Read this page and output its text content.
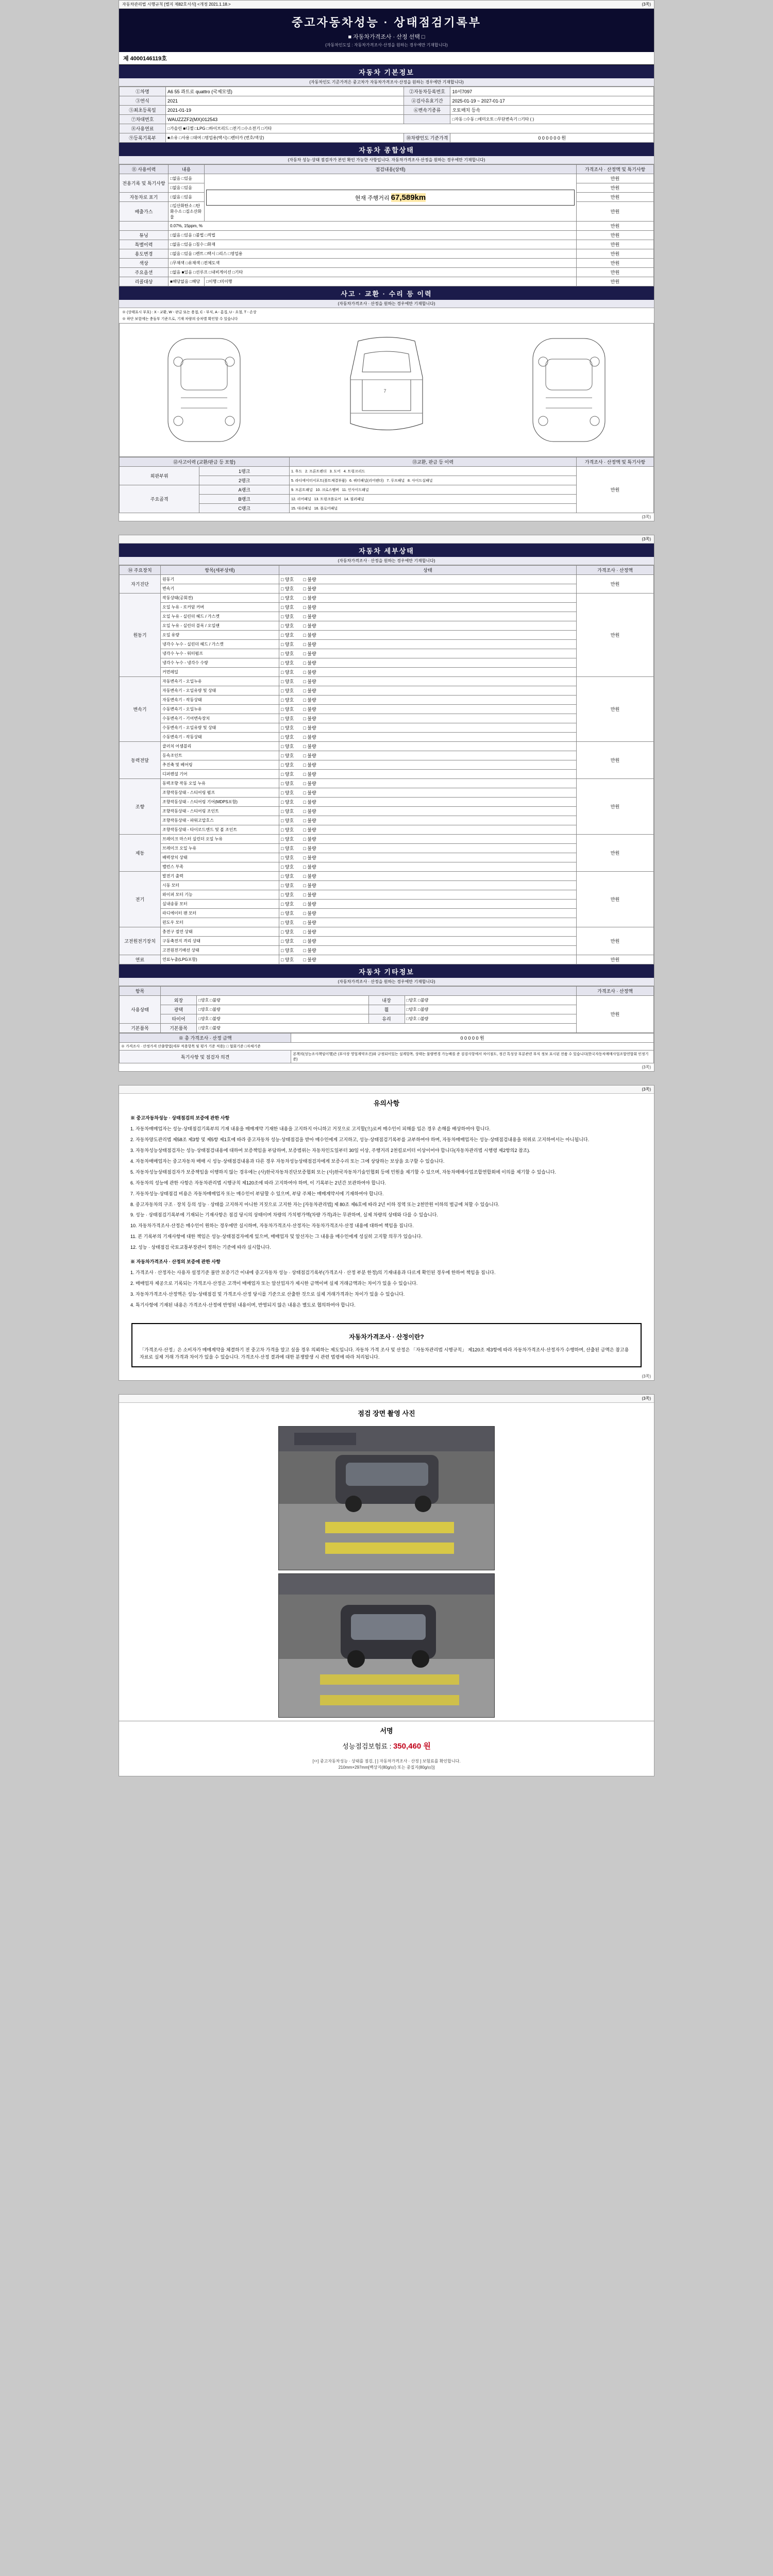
자동차관리법 시행규칙 [별지 제82호서식] <개정 2021.1.18.>	(3쪽)
중고자동차성능 · 상태점검기록부
■ 자동차가격조사 · 산정 선택 □
(자동차인도일 : 자동차가격조사·산정을 원하는 경우에만 기재합니다)
제 4000146119호
자동차 기본정보
(자동차인도 기준가격은 중고차가 자동차가격조사·산정을 원하는 경우에만 기재합니다)
①차명	A6 55 콰트로 quattro (국제모델)	②자동차등록번호	10서7097
③연식	2021	④검사유효기간	2025-01-19 ~ 2027-01-17
⑤최초등록일	2021-01-19	⑥변속기종류	오토매치 등속
⑦차대번호	WAUZZZF2(MX)012543		□자동 □수동 □세미오토 □무단변속기 □기타 ( )
⑧사용연료	□가솔린 ■디젤 □LPG □하이브리드 □전기 □수소전기 □기타		
⑨등록기록부	■소유 □사용 □대여 □영업용(택시) □렌터카 (번호/색상)	⑩차량인도 기준가격	0 0 0 0 0 0 원
자동차 종합상태
(자동차 성능·상태 점검자가 본인 확인 가능한 사항입니다. 자동차가격조사·산정을 원하는 경우에만 기재합니다)
⑪ 사용이력	내용	점검내용(상태)	가격조사 · 산정액 및 특기사항
전용기록 및 특기사항	□없음 □있음	현재 주행거리 67,589km	만원
	□없음 □있음		만원
자동차로 표기	□없음 □있음		만원
배출가스	□일산화탄소 □탄화수소 □질소산화물		만원
	0.07%, 15ppm, %		만원
튜닝	□없음 □있음 □불법 □적법		만원
특별이력	□없음 □있음 □침수 □화재		만원
용도변경	□없음 □있음 □렌트 □택시 □리스 □영업용		만원
색상	□무채색 □유채색 □전체도색		만원
주요옵션	□없음 ■있음 □선루프 □내비게이션 □기타		만원
리콜대상	■해당없음 □해당	□이행 □미이행	만원
사고 · 교환 · 수리 등 이력
(자동차가격조사 · 산정을 원하는 경우에만 기재합니다)
※ (상태표시 부호) : X - 교환, W - 판금 또는 용접, C - 부식, A - 흠집, U - 요철, T - 손상
※ 하단 보험에는 충돌부 기준으로, 기재 차량의 승차별 확인할 수 있습니다
7
⑫사고이력 (교환/판금 등 포함)		⑬교환, 판금 등 이력	가격조사 · 산정액 및 특기사항
외판부위	1랭크	1. 후드 2. 프론트펜더 3. 도어 4. 트렁크리드	만원
	2랭크	5. 라디에이터서포트(볼트체결부품) 6. 쿼터패널(리어펜더) 7. 루프패널 8. 사이드실패널	
주요골격	A랭크	9. 프론트패널 10. 크로스멤버 11. 인사이드패널	
	B랭크	12. 리어패널 13. 트렁크플로어 14. 필러패널	
	C랭크	15. 대쉬패널 16. 플로어패널	
(3쪽)
(3쪽)
자동차 세부상태
(자동차가격조사 · 산정을 원하는 경우에만 기재합니다)
⑭ 주요장치	항목(세부상태)	상태	가격조사 · 산정액
자기진단	원동기	□ 양호 □ 불량	만원
	변속기	□ 양호 □ 불량	
원동기	작동상태(공회전)	□ 양호 □ 불량	만원
	오일 누유 - 로커암 커버	□ 양호 □ 불량	
	오일 누유 - 실린더 헤드 / 가스켓	□ 양호 □ 불량	
	오일 누유 - 실린더 블록 / 오일팬	□ 양호 □ 불량	
	오일 유량	□ 양호 □ 불량	
	냉각수 누수 - 실린더 헤드 / 가스켓	□ 양호 □ 불량	
	냉각수 누수 - 워터펌프	□ 양호 □ 불량	
	냉각수 누수 - 냉각수 수량	□ 양호 □ 불량	
	커먼레일	□ 양호 □ 불량	
변속기	자동변속기 - 오일누유	□ 양호 □ 불량	만원
	자동변속기 - 오일유량 및 상태	□ 양호 □ 불량	
	자동변속기 - 작동상태	□ 양호 □ 불량	
	수동변속기 - 오일누유	□ 양호 □ 불량	
	수동변속기 - 기어변속장치	□ 양호 □ 불량	
	수동변속기 - 오일유량 및 상태	□ 양호 □ 불량	
	수동변속기 - 작동상태	□ 양호 □ 불량	
동력전달	클러치 어셈블리	□ 양호 □ 불량	만원
	등속조인트	□ 양호 □ 불량	
	추진축 및 베어링	□ 양호 □ 불량	
	디퍼렌셜 기어	□ 양호 □ 불량	
조향	동력조향 작동 오일 누유	□ 양호 □ 불량	만원
	조향작동상태 - 스티어링 펌프	□ 양호 □ 불량	
	조향작동상태 - 스티어링 기어(MDPS포함)	□ 양호 □ 불량	
	조향작동상태 - 스티어링 조인트	□ 양호 □ 불량	
	조향작동상태 - 파워고압호스	□ 양호 □ 불량	
	조향작동상태 - 타이로드엔드 및 볼 조인트	□ 양호 □ 불량	
제동	브레이크 마스터 실린더 오일 누유	□ 양호 □ 불량	만원
	브레이크 오일 누유	□ 양호 □ 불량	
	배력장치 상태	□ 양호 □ 불량	
	밸런스 부족	□ 양호 □ 불량	
전기	발전기 출력	□ 양호 □ 불량	만원
	시동 모터	□ 양호 □ 불량	
	와이퍼 모터 기능	□ 양호 □ 불량	
	실내송풍 모터	□ 양호 □ 불량	
	라디에이터 팬 모터	□ 양호 □ 불량	
	윈도우 모터	□ 양호 □ 불량	
고전원전기장치	충전구 절연 상태	□ 양호 □ 불량	만원
	구동축전지 격리 상태	□ 양호 □ 불량	
	고전원전기배선 상태	□ 양호 □ 불량	
연료	연료누출(LPG포함)	□ 양호 □ 불량	만원
자동차 기타정보
(자동차가격조사 · 산정을 원하는 경우에만 기재합니다)
항목					가격조사 · 산정액
사용상태	외장	□양호 □불량	내장	□양호 □불량	만원
	광택	□양호 □불량	휠	□양호 □불량	
	타이어	□양호 □불량	유리	□양호 □불량	
기본품목	기본품목	□양호 □불량			
※ 총 가격조사 · 산정 금액	0 0 0 0 0 원
※ 가격조사 · 산정가격 산출방법(세부 적용항목 및 평가 기준 적용): □ 협회기준 □자체기준	
특기사항 및 점검자 의견	본책의(성능조사책임이행)은 (부사장 영업계약조건)와 규정되어있는 설계항목, 상태는 불량변경 가능배를 준 검검사항에서 차이점도, 정건 특성상 부분관련 부식 정보 표시된 전품 수 있습니다(한국자동차매매사업조합연합회 인정기준)
(3쪽)
(3쪽)
유의사항

※ 중고자동차성능 · 상태점검의 보증에 관한 사항

1. 자동차매매업자는 성능·상태점검기록부의 기재 내용을 매매계약 기재한 내용을 고지하지 아니하고 거짓으로 고지할(으)로써 매수인이 피해를 입은 경우 손해를 배상하여야 합니다.

2. 자동차양도관리법 제58조 제3항 및 제5항 제1호에 따라 중고자동차 성능·상태점검을 받아 매수인에게 고지하고, 성능·상태점검기록부를 교부하여야 하며, 자동차매매업자는 성능·상태점검내용을 허위로 고지하여서는 아니됩니다.

3. 자동차성능상태점검자는 성능·상태점검내용에 대하여 보증책임을 부담하며, 보증범위는 자동차인도일부터 30일 이상, 주행거리 2천킬로미터 이상이어야 합니다(자동차관리법 시행령 제2항의2 참조).

4. 자동차매매업자는 중고자동차 매매 시 성능·상태점검내용과 다른 경우 자동차성능상태점검자에게 보증수리 또는 그에 상당하는 보상을 요구할 수 있습니다.

5. 자동차성능상태점검자가 보증책임을 이행하지 않는 경우에는 (사)한국자동차진단보증협회 또는 (사)한국자동차기술인협회 등에 민원을 제기할 수 있으며, 자동차매매사업조합연합회에 이의를 제기할 수 있습니다.

6. 자동차의 성능에 관한 사항은 자동차관리법 시행규칙 제120조에 따라 고지하여야 하며, 이 기록부는 2년간 보관하여야 합니다.

7. 자동차성능·상태점검 비용은 자동차매매업자 또는 매수인이 부담할 수 있으며, 부담 주체는 매매계약서에 기재하여야 합니다.

8. 중고자동차의 구조 · 장치 등의 성능 · 상태를 고지하지 아니한 거짓으로 고지한 자는 [자동차관리법] 제 80조 제6호에 따라 2년 이하 징역 또는 2천만원 이하의 벌금에 처할 수 있습니다.

9. 성능 · 상태점검기록부에 기재되는 기재사항은 점검 당시의 상태이며 차량의 가치평가액(차량 가격)과는 무관하며, 실제 차량의 상태와 다를 수 있습니다.

10. 자동차가격조사·산정은 매수인이 원하는 경우에만 실시하며, 자동차가격조사·산정자는 자동차가격조사·산정 내용에 대하여 책임을 집니다.

11. 본 기록부의 기재사항에 대한 책임은 성능·상태점검자에게 있으며, 매매업자 및 알선자는 그 내용을 매수인에게 성실히 고지할 의무가 있습니다.

12. 성능 · 상태점검 국토교통부장관이 정하는 기준에 따라 실시합니다.

※ 자동차가격조사 · 산정의 보증에 관한 사항

1. 가격조사 · 산정자는 사용자 설정기준 불만 보증기간 이내에 중고자동차 성능 · 상태점검기록부(가격조사 · 산정 부분 한정)의 기재내용과 다르게 확인된 경우에 한하여 책임을 집니다.

2. 매매업자 제공으로 기록되는 가격조사·산정은 고객이 매매업자 또는 알선업자가 제시한 금액이며 실제 거래금액과는 차이가 있을 수 있습니다.

3. 자동차가격조사·산정액은 성능·상태점검 및 가격조사·산정 당시를 기준으로 산출한 것으로 실제 거래가격과는 차이가 있을 수 있습니다.

4. 특기사항에 기재된 내용은 가격조사·산정에 반영된 내용이며, 반영되지 않은 내용은 별도로 협의하여야 합니다.

자동차가격조사 · 산정이란?
「가격조사·산정」은 소비자가 매매계약을 체결하기 전 중고차 가격을 알고 싶을 경우 의뢰하는 제도입니다. 자동차 가격 조사 및 산정은 「자동차관리법 시행규칙」 제120조 제3항에 따라 자동차가격조사·산정자가 수행하며, 산출된 금액은 참고용 자료로 실제 거래 가격과 차이가 있을 수 있습니다. 가격조사·산정 결과에 대한 분쟁발생 시 관련 법령에 따라 처리됩니다.
(3쪽)
(3쪽)
점검 장면 촬영 사진
서명
성능점검보험료 : 350,460 원
[ㅁ] 중고자동차성능 · 상태를 점검, [ ] 자동차가격조사 · 산정 ] 보험료를 확인합니다.
210mm×297mm[백상지(80g/㎡) 또는 중질지(80g/㎡)]
